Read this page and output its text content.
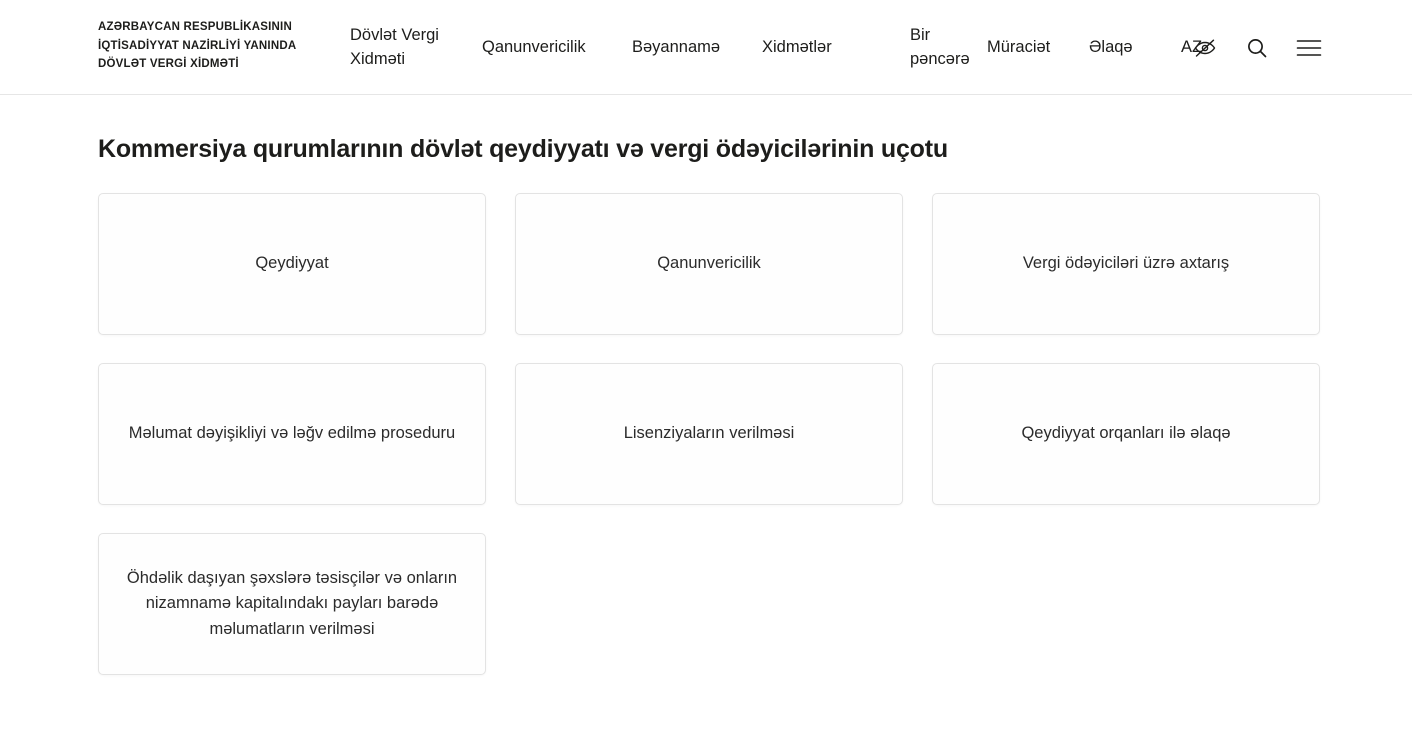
AZƏRBAYCAN RESPUBLİKASININ İQTİSADİYYAT NAZİRLİYİ YANINDA DÖVLƏT VERGİ XİDMƏTİ
Dövlət Vergi Xidməti
Qanunvericilik	Bəyannamə	Xidmətlər
Bir pəncərə
Müraciət	Əlaqə	AZ
Kommersiya qurumlarının dövlət qeydiyyatı və vergi ödəyicilərinin uçotu
Qeydiyyat	Qanunvericilik	Vergi ödəyiciləri üzrə axtarış
Məlumat dəyişikliyi və ləğv edilmə proseduru	Lisenziyaların verilməsi	Qeydiyyat orqanları ilə əlaqə
Öhdəlik daşıyan şəxslərə təsisçilər və onların nizamnamə kapitalındakı payları barədə məlumatların verilməsi
